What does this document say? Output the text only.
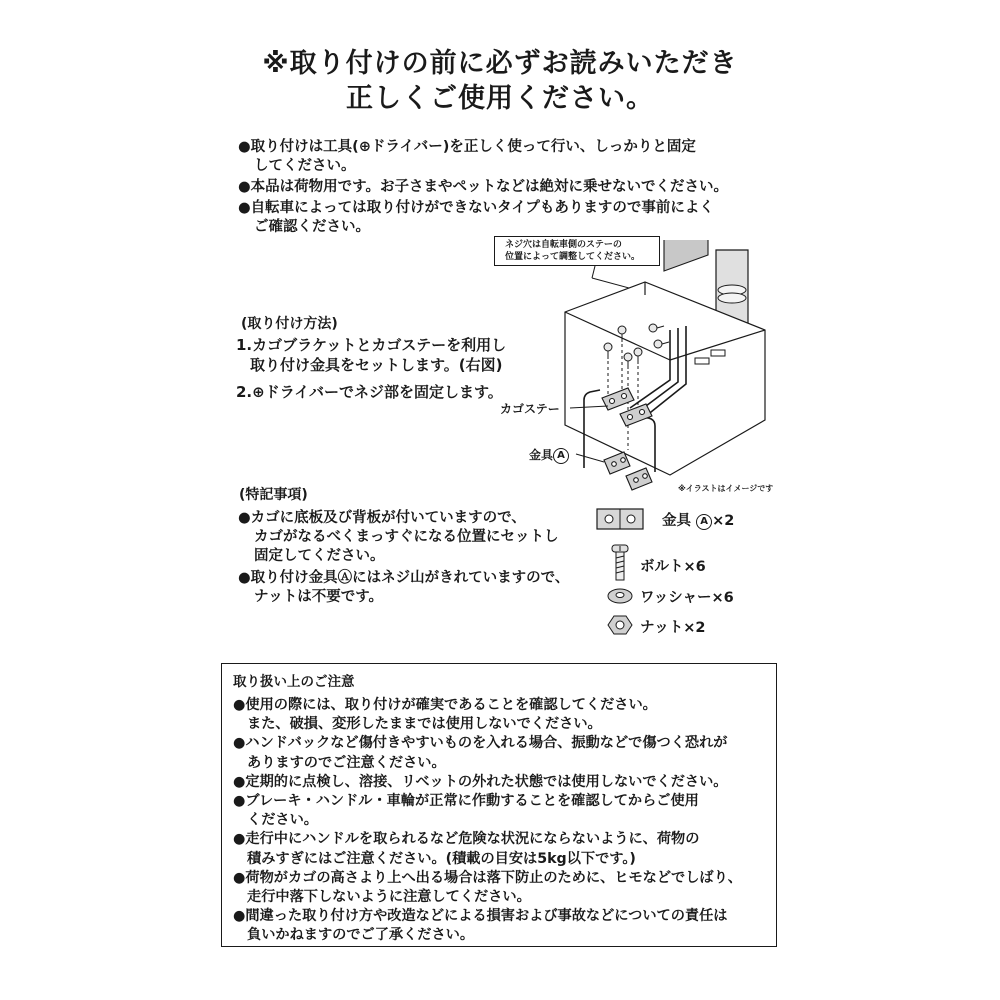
※取り付けの前に必ずお読みいただき
正しくご使用ください。
●取り付けは工具(⊕ドライバー)を正しく使って行い、しっかりと固定
してください。
●本品は荷物用です。お子さまやペットなどは絶対に乗せないでください。
●自転車によっては取り付けができないタイプもありますので事前によく
ご確認ください。
(取り付け方法)
1.カゴブラケットとカゴステーを利用し
取り付け金具をセットします。(右図)
2.⊕ドライバーでネジ部を固定します。
ネジ穴は自転車側のステーの
位置によって調整してください。
カゴステー
金具 A
※イラストはイメージです
(特記事項)
●カゴに底板及び背板が付いていますので、
カゴがなるべくまっすぐになる位置にセットし
固定してください。
●取り付け金具Ⓐにはネジ山がきれていますので、
ナットは不要です。
金具 A ×2
ボルト×6
ワッシャー×6
ナット×2
取り扱い上のご注意
●使用の際には、取り付けが確実であることを確認してください。
また、破損、変形したままでは使用しないでください。
●ハンドバックなど傷付きやすいものを入れる場合、振動などで傷つく恐れが
ありますのでご注意ください。
●定期的に点検し、溶接、リベットの外れた状態では使用しないでください。
●ブレーキ・ハンドル・車輪が正常に作動することを確認してからご使用
ください。
●走行中にハンドルを取られるなど危険な状況にならないように、荷物の
積みすぎにはご注意ください。(積載の目安は5kg以下です。)
●荷物がカゴの高さより上へ出る場合は落下防止のために、ヒモなどでしばり、
走行中落下しないように注意してください。
●間違った取り付け方や改造などによる損害および事故などについての責任は
負いかねますのでご了承ください。
